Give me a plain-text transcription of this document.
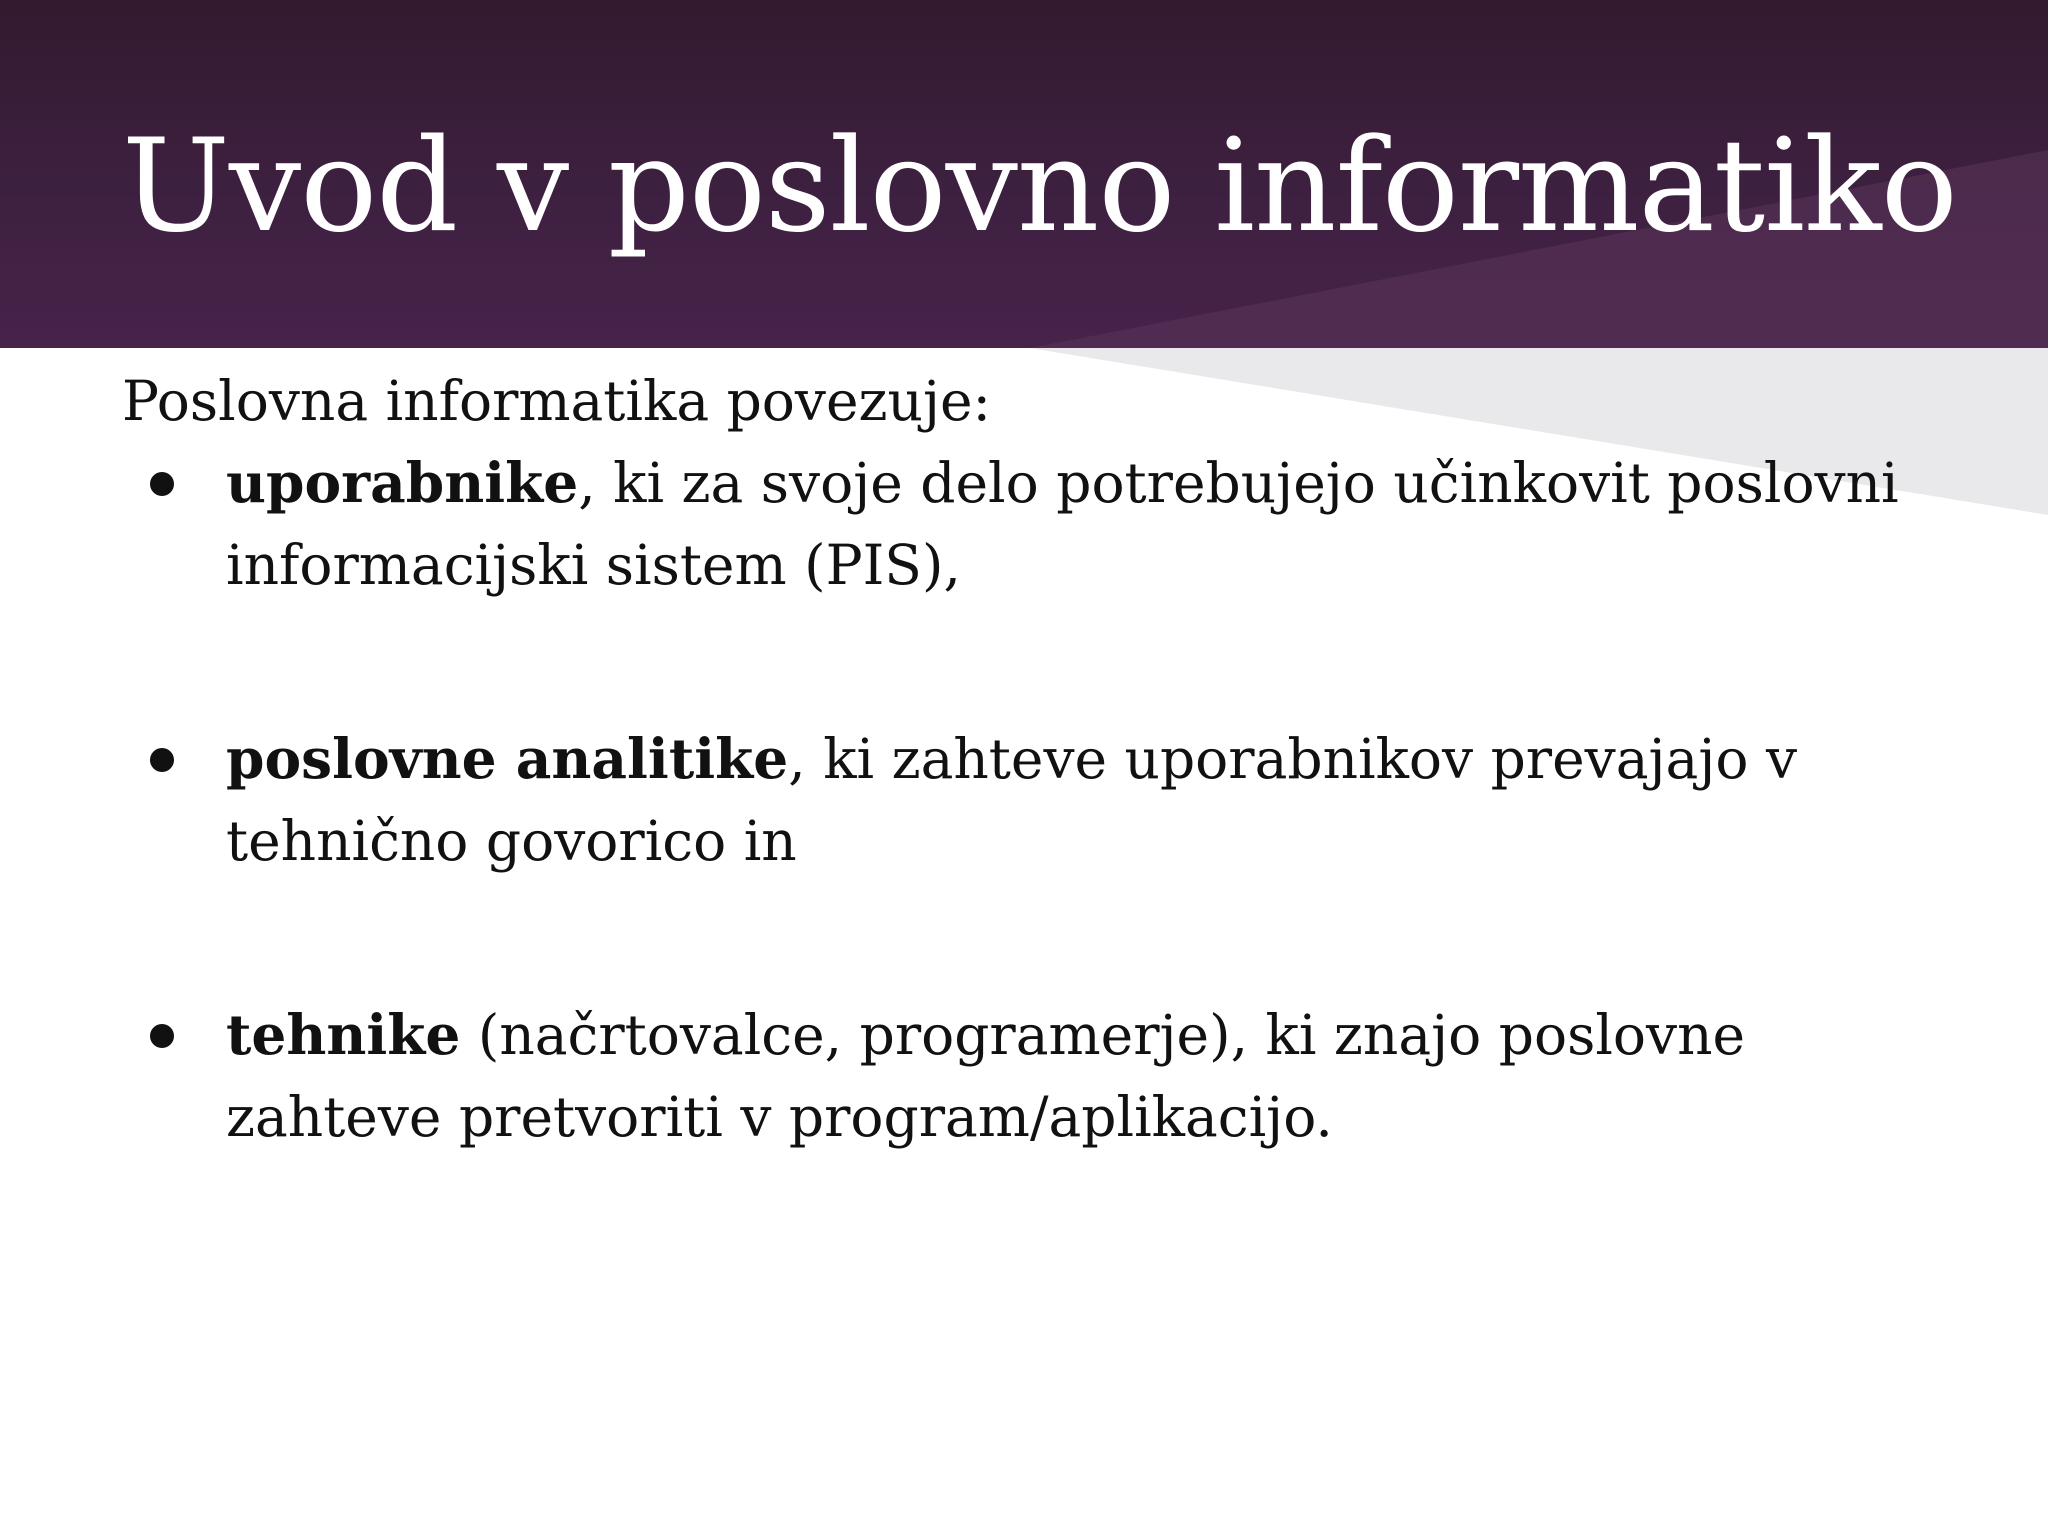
Uvod v poslovno informatiko

Poslovna informatika povezuje:

uporabnike, ki za svoje delo potrebujejo učinkovit poslovni informacijski sistem (PIS),
poslovne analitike, ki zahteve uporabnikov prevajajo v tehnično govorico in
tehnike (načrtovalce, programerje), ki znajo poslovne zahteve pretvoriti v program/aplikacijo.
